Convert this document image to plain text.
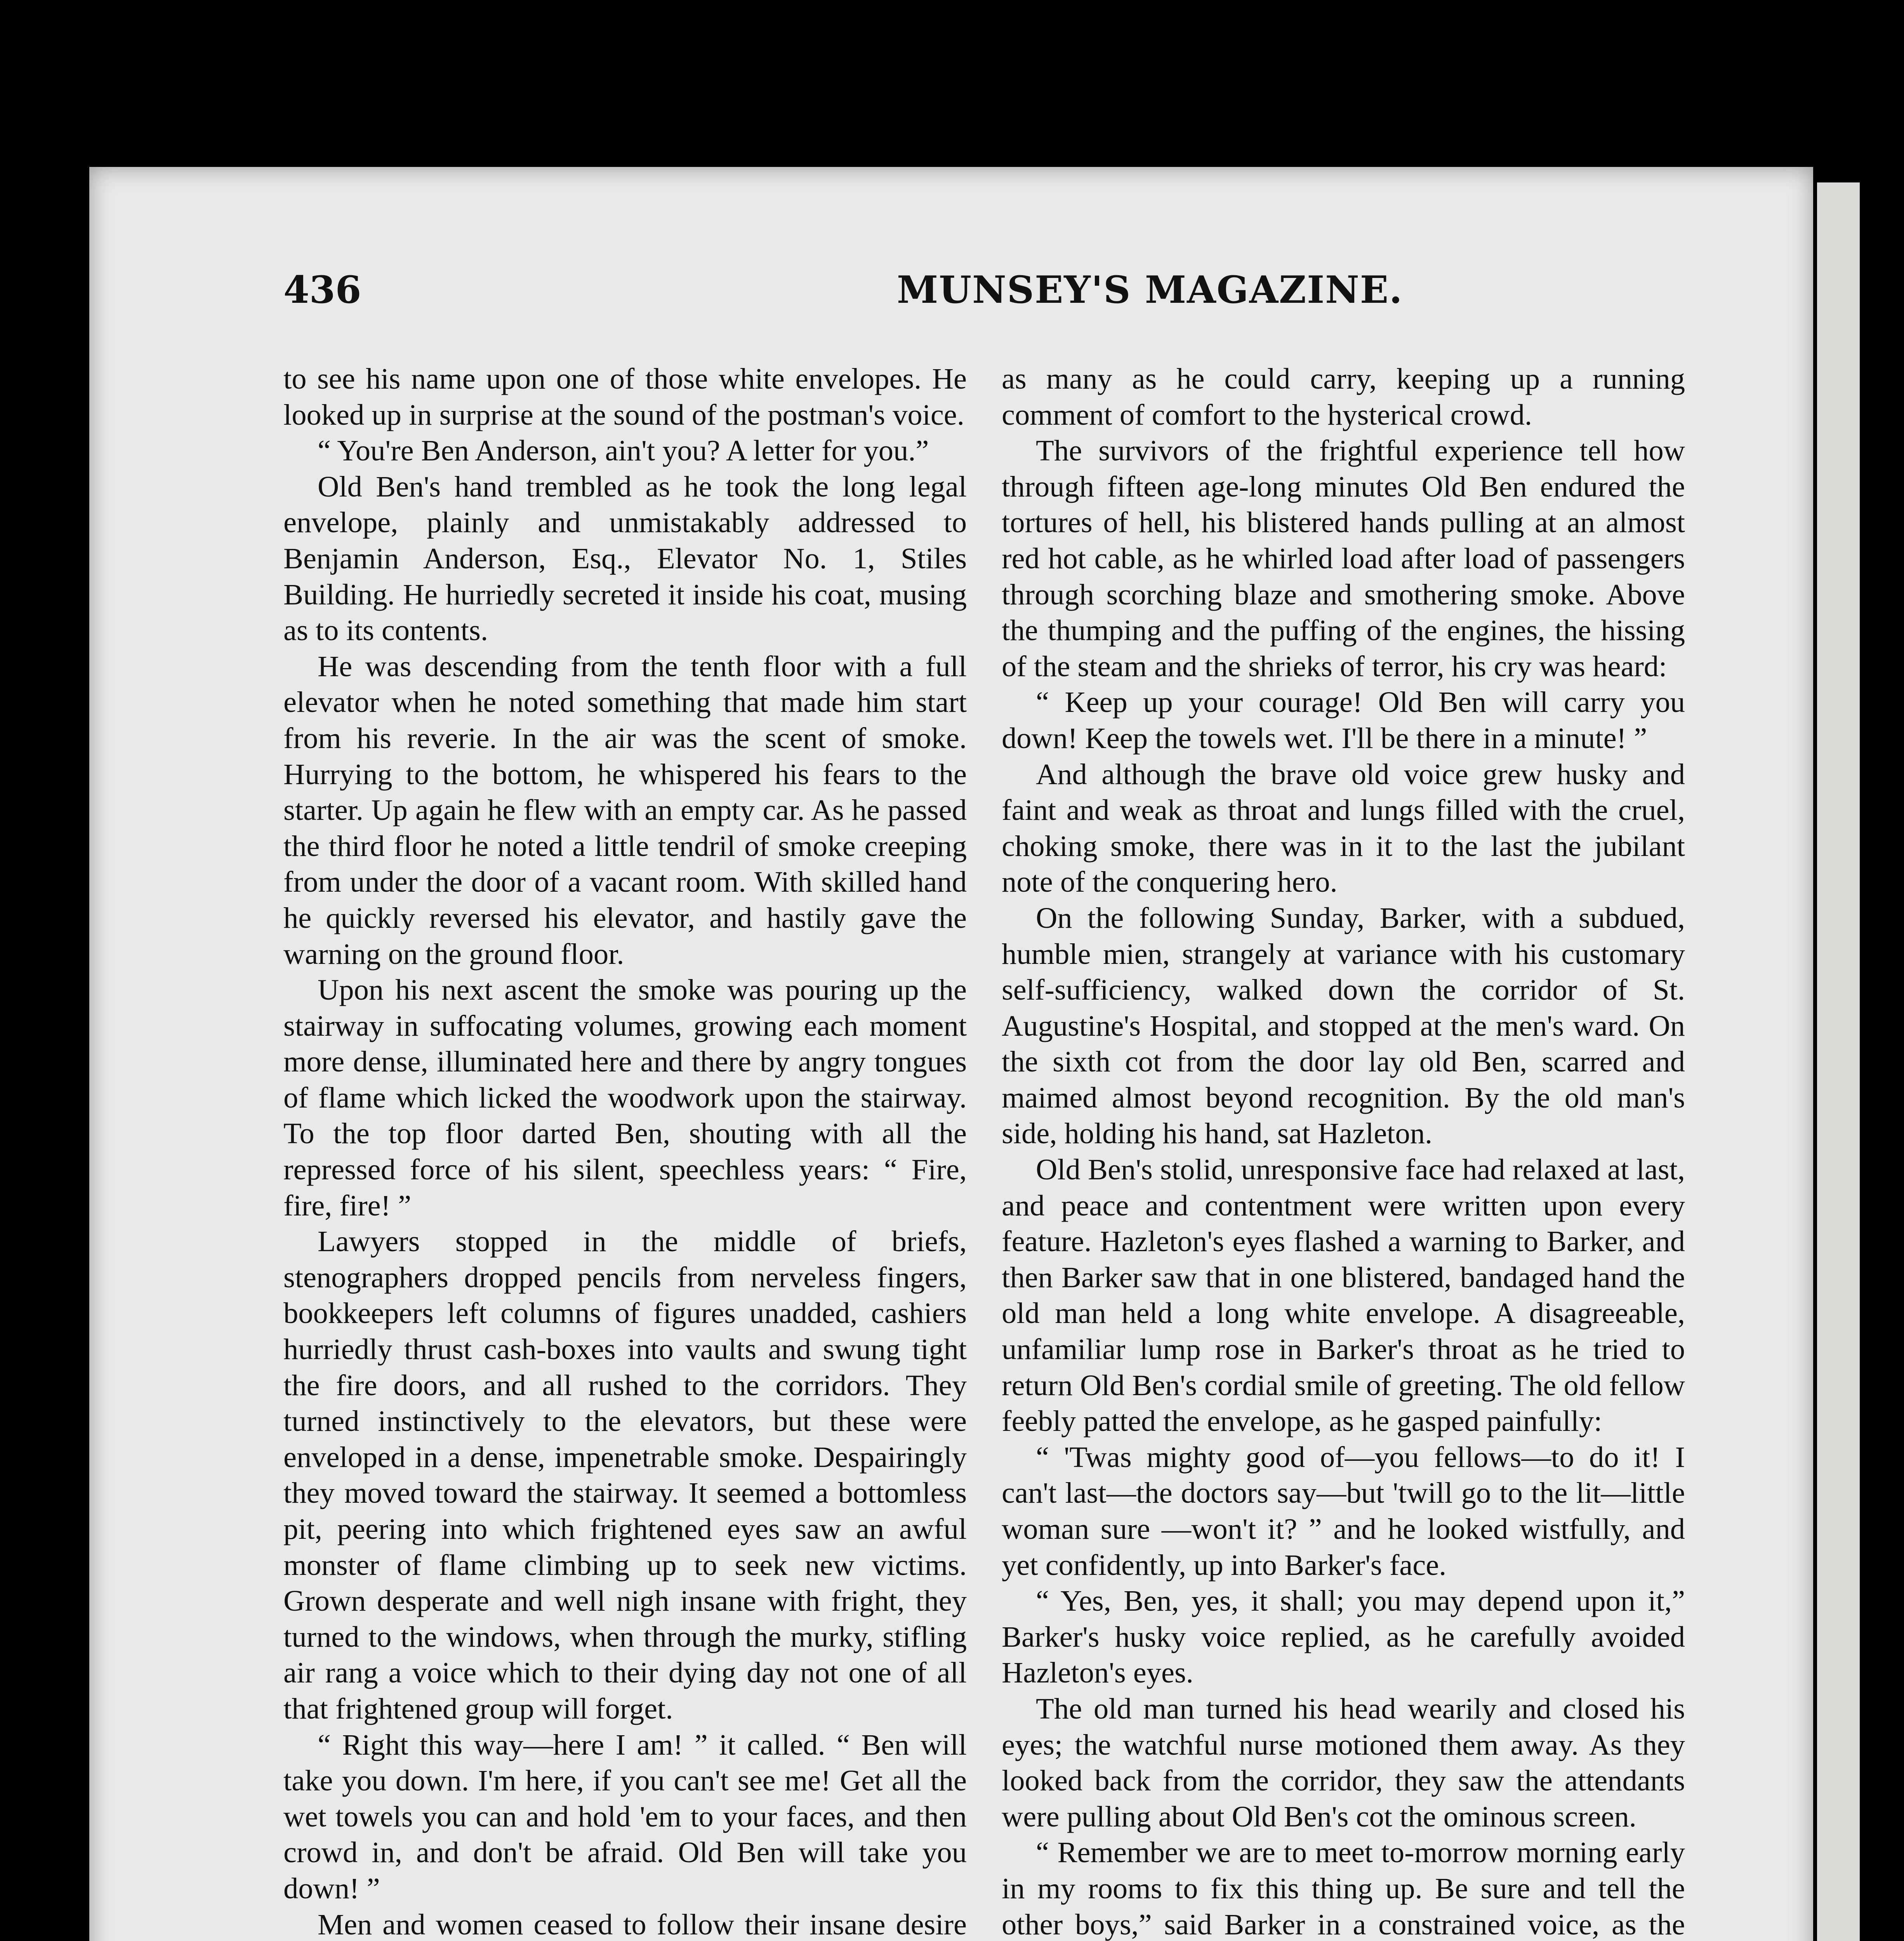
436	MUNSEY'S MAGAZINE.

to see his name upon one of those white envelopes. He looked up in surprise at the sound of the postman's voice.

“ You're Ben Anderson, ain't you? A letter for you.”

Old Ben's hand trembled as he took the long legal envelope, plainly and unmistakably addressed to Benjamin Anderson, Esq., Elevator No. 1, Stiles Building. He hurriedly secreted it inside his coat, musing as to its contents.

He was descending from the tenth floor with a full elevator when he noted something that made him start from his reverie. In the air was the scent of smoke. Hurrying to the bottom, he whispered his fears to the starter. Up again he flew with an empty car. As he passed the third floor he noted a little tendril of smoke creeping from under the door of a vacant room. With skilled hand he quickly reversed his elevator, and hastily gave the warning on the ground floor.

Upon his next ascent the smoke was pouring up the stairway in suffocating volumes, growing each moment more dense, illuminated here and there by angry tongues of flame which licked the woodwork upon the stairway. To the top floor darted Ben, shouting with all the repressed force of his silent, speechless years: “ Fire, fire, fire! ”

Lawyers stopped in the middle of briefs, stenographers dropped pencils from nerveless fingers, bookkeepers left columns of figures unadded, cashiers hurriedly thrust cash-boxes into vaults and swung tight the fire doors, and all rushed to the corridors. They turned instinctively to the elevators, but these were enveloped in a dense, impenetrable smoke. Despairingly they moved toward the stairway. It seemed a bottomless pit, peering into which frightened eyes saw an awful monster of flame climbing up to seek new victims. Grown desperate and well nigh insane with fright, they turned to the windows, when through the murky, stifling air rang a voice which to their dying day not one of all that frightened group will forget.

“ Right this way—here I am! ” it called. “ Ben will take you down. I'm here, if you can't see me! Get all the wet towels you can and hold 'em to your faces, and then crowd in, and don't be afraid. Old Ben will take you down! ”

Men and women ceased to follow their insane desire

as many as he could carry, keeping up a running comment of comfort to the hysterical crowd.

The survivors of the frightful experience tell how through fifteen age-long minutes Old Ben endured the tortures of hell, his blistered hands pulling at an almost red hot cable, as he whirled load after load of passengers through scorching blaze and smothering smoke. Above the thumping and the puffing of the engines, the hissing of the steam and the shrieks of terror, his cry was heard:

“ Keep up your courage! Old Ben will carry you down! Keep the towels wet. I'll be there in a minute! ”

And although the brave old voice grew husky and faint and weak as throat and lungs filled with the cruel, choking smoke, there was in it to the last the jubilant note of the conquering hero.

On the following Sunday, Barker, with a subdued, humble mien, strangely at variance with his customary self-sufficiency, walked down the corridor of St. Augustine's Hospital, and stopped at the men's ward. On the sixth cot from the door lay old Ben, scarred and maimed almost beyond recognition. By the old man's side, holding his hand, sat Hazleton.

Old Ben's stolid, unresponsive face had relaxed at last, and peace and contentment were written upon every feature. Hazleton's eyes flashed a warning to Barker, and then Barker saw that in one blistered, bandaged hand the old man held a long white envelope. A disagreeable, unfamiliar lump rose in Barker's throat as he tried to return Old Ben's cordial smile of greeting. The old fellow feebly patted the envelope, as he gasped painfully:

“ 'Twas mighty good of—you fellows—to do it! I can't last—the doctors say—but 'twill go to the lit—little woman sure —won't it? ” and he looked wistfully, and yet confidently, up into Barker's face.

“ Yes, Ben, yes, it shall; you may depend upon it,” Barker's husky voice replied, as he carefully avoided Hazleton's eyes.

The old man turned his head wearily and closed his eyes; the watchful nurse motioned them away. As they looked back from the corridor, they saw the attendants were pulling about Old Ben's cot the ominous screen.

“ Remember we are to meet to-morrow morning early in my rooms to fix this thing up. Be sure and tell the other boys,” said Barker in a constrained voice, as the
